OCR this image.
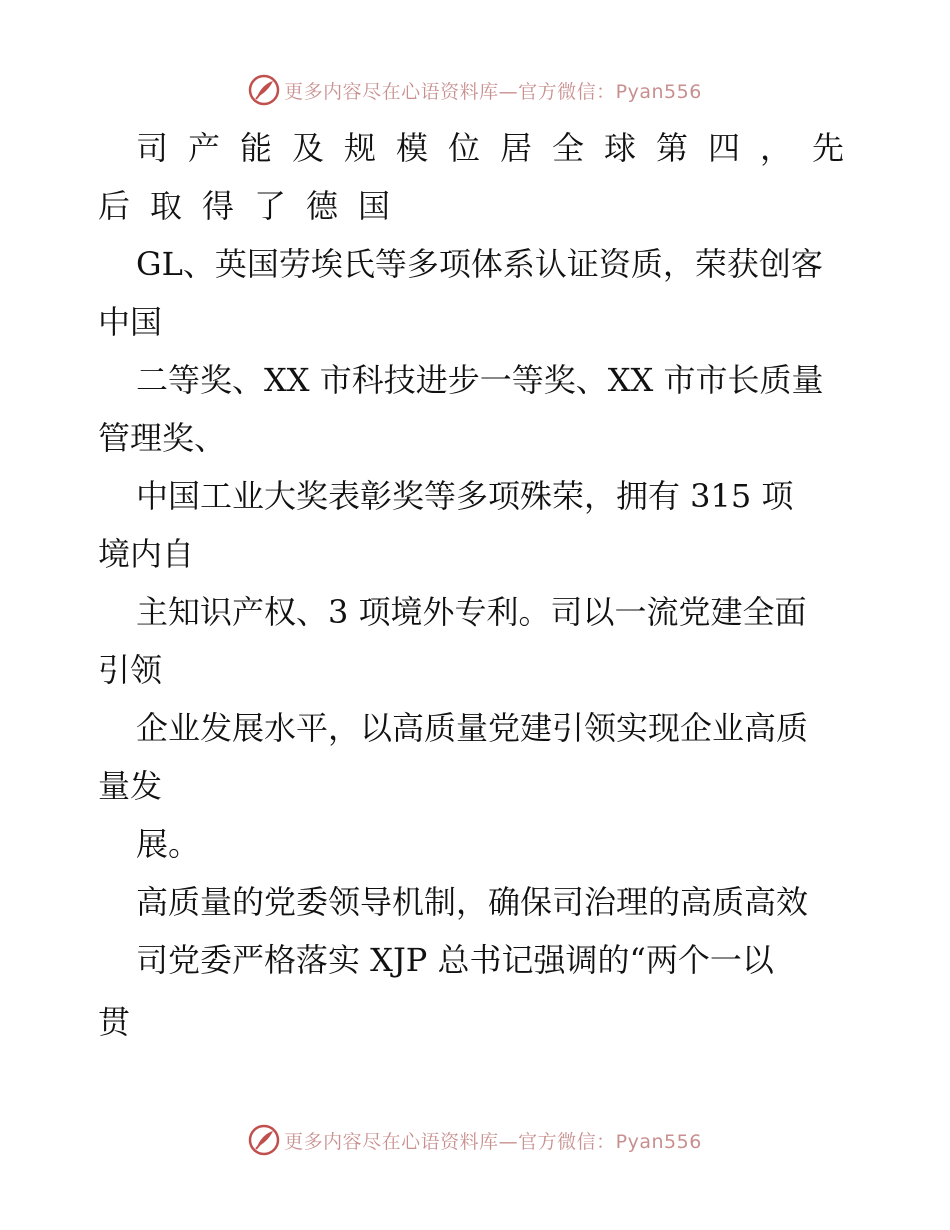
更多内容尽在心语资料库—官方微信：Pyan556

司产能及规模位居全球第四，先

后取得了德国

GL、英国劳埃氏等多项体系认证资质，荣获创客

中国

二等奖、XX 市科技进步一等奖、XX 市市长质量

管理奖、

中国工业大奖表彰奖等多项殊荣，拥有 315 项

境内自

主知识产权、3 项境外专利。司以一流党建全面

引领

企业发展水平，以高质量党建引领实现企业高质

量发

展。

高质量的党委领导机制，确保司治理的高质高效

司党委严格落实 XJP 总书记强调的“两个一以

贯

更多内容尽在心语资料库—官方微信：Pyan556
